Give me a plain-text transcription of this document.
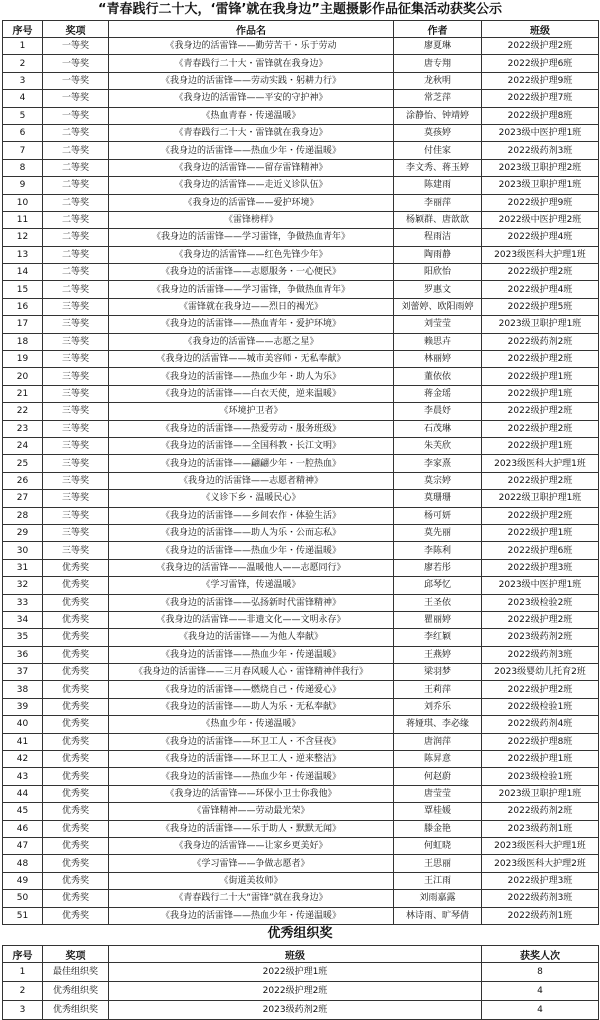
“青春践行二十大，‘雷锋’就在我身边”主题摄影作品征集活动获奖公示
序号	奖项	作品名	作者	班级
1	一等奖	《我身边的活雷锋——勤劳苦干・乐于劳动	廖夏琳	2022级护理2班
2	一等奖	《青春践行二十大・雷锋就在我身边》	唐专翔	2022级护理6班
3	一等奖	《我身边的活雷锋——劳动实践・躬耕力行》	龙秋明	2022级护理9班
4	一等奖	《我身边的活雷锋——平安的守护神》	常芝萍	2022级护理7班
5	一等奖	《热血青春・传递温暖》	涂静怡、钟靖婷	2022级护理8班
6	二等奖	《青春践行二十大・雷锋就在我身边》	莫孩婷	2023级中医护理1班
7	二等奖	《我身边的活雷锋——热血少年・传递温暖》	付佳家	2022级药剂3班
8	二等奖	《我身边的活雷锋——留存雷锋精神》	李文秀、蒋玉婷	2023级卫职护理2班
9	二等奖	《我身边的活雷锋——走近义诊队伍》	陈建雨	2023级卫职护理1班
10	二等奖	《我身边的活雷锋——爱护环境》	李丽萍	2022级护理9班
11	二等奖	《雷锋榜样》	杨颖群、唐歆歆	2022级中医护理2班
12	二等奖	《我身边的活雷锋——学习雷锋，争做热血青年》	程雨洁	2022级护理4班
13	二等奖	《我身边的活雷锋——红色先锋少年》	陶雨静	2023级医科大护理1班
14	二等奖	《我身边的活雷锋——志愿服务・一心便民》	阳欣怡	2022级护理2班
15	二等奖	《我身边的活雷锋——学习雷锋，争做热血青年》	罗惠文	2022级护理4班
16	三等奖	《雷锋就在我身边——烈日的褐光》	刘蕾婷、欧阳雨婷	2022级护理5班
17	三等奖	《我身边的活雷锋——热血青年・爱护环境》	刘莹莹	2023级卫职护理1班
18	三等奖	《我身边的活雷锋——志愿之星》	赖思卉	2022级药剂2班
19	三等奖	《我身边的活雷锋——城市美容师・无私奉献》	林丽婷	2022级护理2班
20	三等奖	《我身边的活雷锋——热血少年・助人为乐》	董依依	2022级护理1班
21	三等奖	《我身边的活雷锋——白衣天使，逆来温暖》	蒋金瑶	2022级护理1班
22	三等奖	《环境护卫者》	李晨妤	2022级护理2班
23	三等奖	《我身边的活雷锋——热爱劳动・服务班级》	石茂琳	2022级护理2班
24	三等奖	《我身边的活雷锋——全国科教・长江文明》	朱芙欣	2022级护理1班
25	三等奖	《我身边的活雷锋——翩翩少年・一腔热血》	李家熹	2023级医科大护理1班
26	三等奖	《我身边的活雷锋——志愿者精神》	莫宗婷	2022级护理2班
27	三等奖	《义诊下乡・温暖民心》	莫珊珊	2022级卫职护理1班
28	三等奖	《我身边的活雷锋——乡间农作・体验生活》	杨可妍	2022级护理2班
29	三等奖	《我身边的活雷锋——助人为乐・公而忘私》	莫先丽	2022级护理1班
30	三等奖	《我身边的活雷锋——热血少年・传递温暖》	李陈利	2022级护理6班
31	优秀奖	《我身边的活雷锋——温暖他人——志愿同行》	廖若彤	2022级护理3班
32	优秀奖	《学习雷锋，传递温暖》	邱琴忆	2023级中医护理1班
33	优秀奖	《我身边的活雷锋——弘扬新时代雷锋精神》	王圣依	2023级检验2班
34	优秀奖	《我身边的活雷锋——非遗文化——文明永存》	瞿丽婷	2022级护理2班
35	优秀奖	《我身边的活雷锋——为他人奉献》	李红颖	2023级药剂2班
36	优秀奖	《我身边的活雷锋——热血少年・传递温暖》	王燕婷	2022级药剂3班
37	优秀奖	《我身边的活雷锋——三月春风暖人心・雷锋精神伴我行》	梁羽梦	2023级婴幼儿托育2班
38	优秀奖	《我身边的活雷锋——燃烧自己・传递爱心》	王莉萍	2022级护理2班
39	优秀奖	《我身边的活雷锋——助人为乐・无私奉献》	刘乔乐	2022级检验1班
40	优秀奖	《热血少年・传递温暖》	蒋娅琪、李必缘	2022级药剂4班
41	优秀奖	《我身边的活雷锋——环卫工人・不含昼夜》	唐润萍	2022级护理8班
42	优秀奖	《我身边的活雷锋——环卫工人・逆来整洁》	陈昇意	2022级护理1班
43	优秀奖	《我身边的活雷锋——热血少年・传递温暖》	何赵蔚	2023级检验1班
44	优秀奖	《我身边的活雷锋——环保小卫士你我他》	唐莹莹	2023级卫职护理1班
45	优秀奖	《雷锋精神——劳动最光荣》	覃桂媛	2022级药剂2班
46	优秀奖	《我身边的活雷锋——乐于助人・默默无闻》	滕金艳	2023级药剂1班
47	优秀奖	《我身边的活雷锋——让家乡更美好》	何虹晓	2023级医科大护理1班
48	优秀奖	《学习雷锋——争做志愿者》	王思丽	2023级医科大护理2班
49	优秀奖	《街道美妆师》	王江雨	2022级护理3班
50	优秀奖	《青春践行二十大“雷锋”就在我身边》	刘雨嘉露	2022级药剂3班
51	优秀奖	《我身边的活雷锋——热血少年・传递温暖》	林诗雨、旷琴倩	2022级药剂1班
优秀组织奖
序号	奖项	班级	获奖人次
1	最佳组织奖	2022级护理1班	8
2	优秀组织奖	2022级护理2班	4
3	优秀组织奖	2023级药剂2班	4
